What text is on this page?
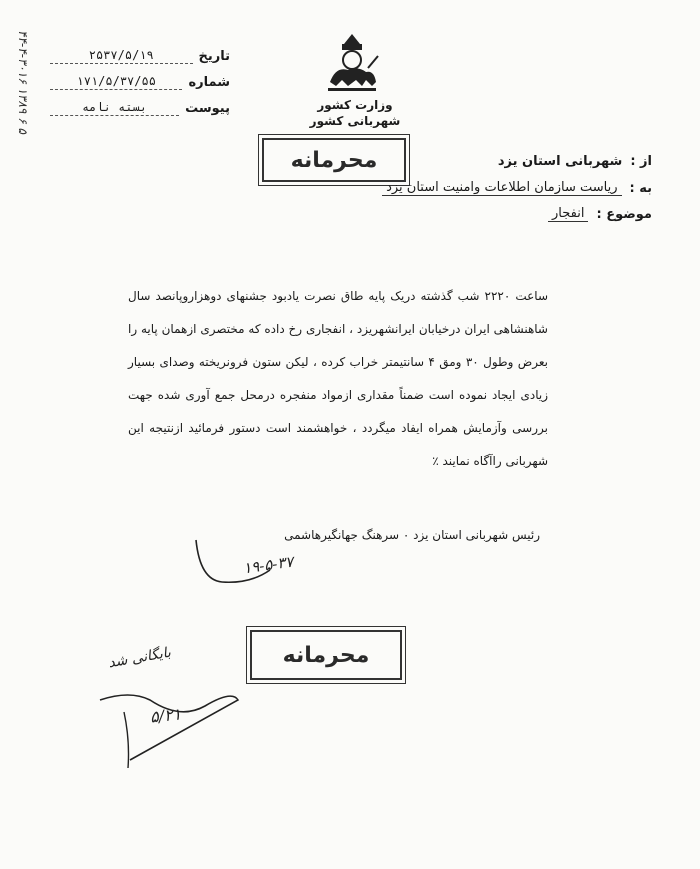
۴۴-۴-۳۰۱۶ ۱۳۸۹ ۶ ۵	تاریخ
۲۵۳۷/۵/۱۹
شماره
۱۷۱/۵/۳۷/۵۵
پیوست
بسته نامه	وزارت کشور
شهربانی کشور
محرمانه	از :
شهربانی استان یزد
به :
ریاست سازمان اطلاعات وامنیت استان یزد
موضوع :
انفجار
ساعت ۲۲۲۰ شب گذشته دریک پایه طاق نصرت یادبود جشنهای دوهزاروپانصد سال شاهنشاهی ایران درخیابان ایرانشهریزد ، انفجاری رخ داده که مختصری ازهمان پایه را بعرض وطول ۳۰ ومق ۴ سانتیمتر خراب کرده ، لیکن ستون فرونریخته وصدای بسیار زیادی ایجاد نموده است ضمناً مقداری ازمواد منفجره درمحل جمع آوری شده جهت بررسی وآزمایش همراه ایفاد میگردد ، خواهشمند است دستور فرمائید ازنتیجه این شهربانی راآگاه نمایند ٪
رئیس شهربانی استان یزد ۰ سرهنگ جهانگیرهاشمی
۱۹-۵-۳۷
بایگانی شد	محرمانه
۵/۲۱
